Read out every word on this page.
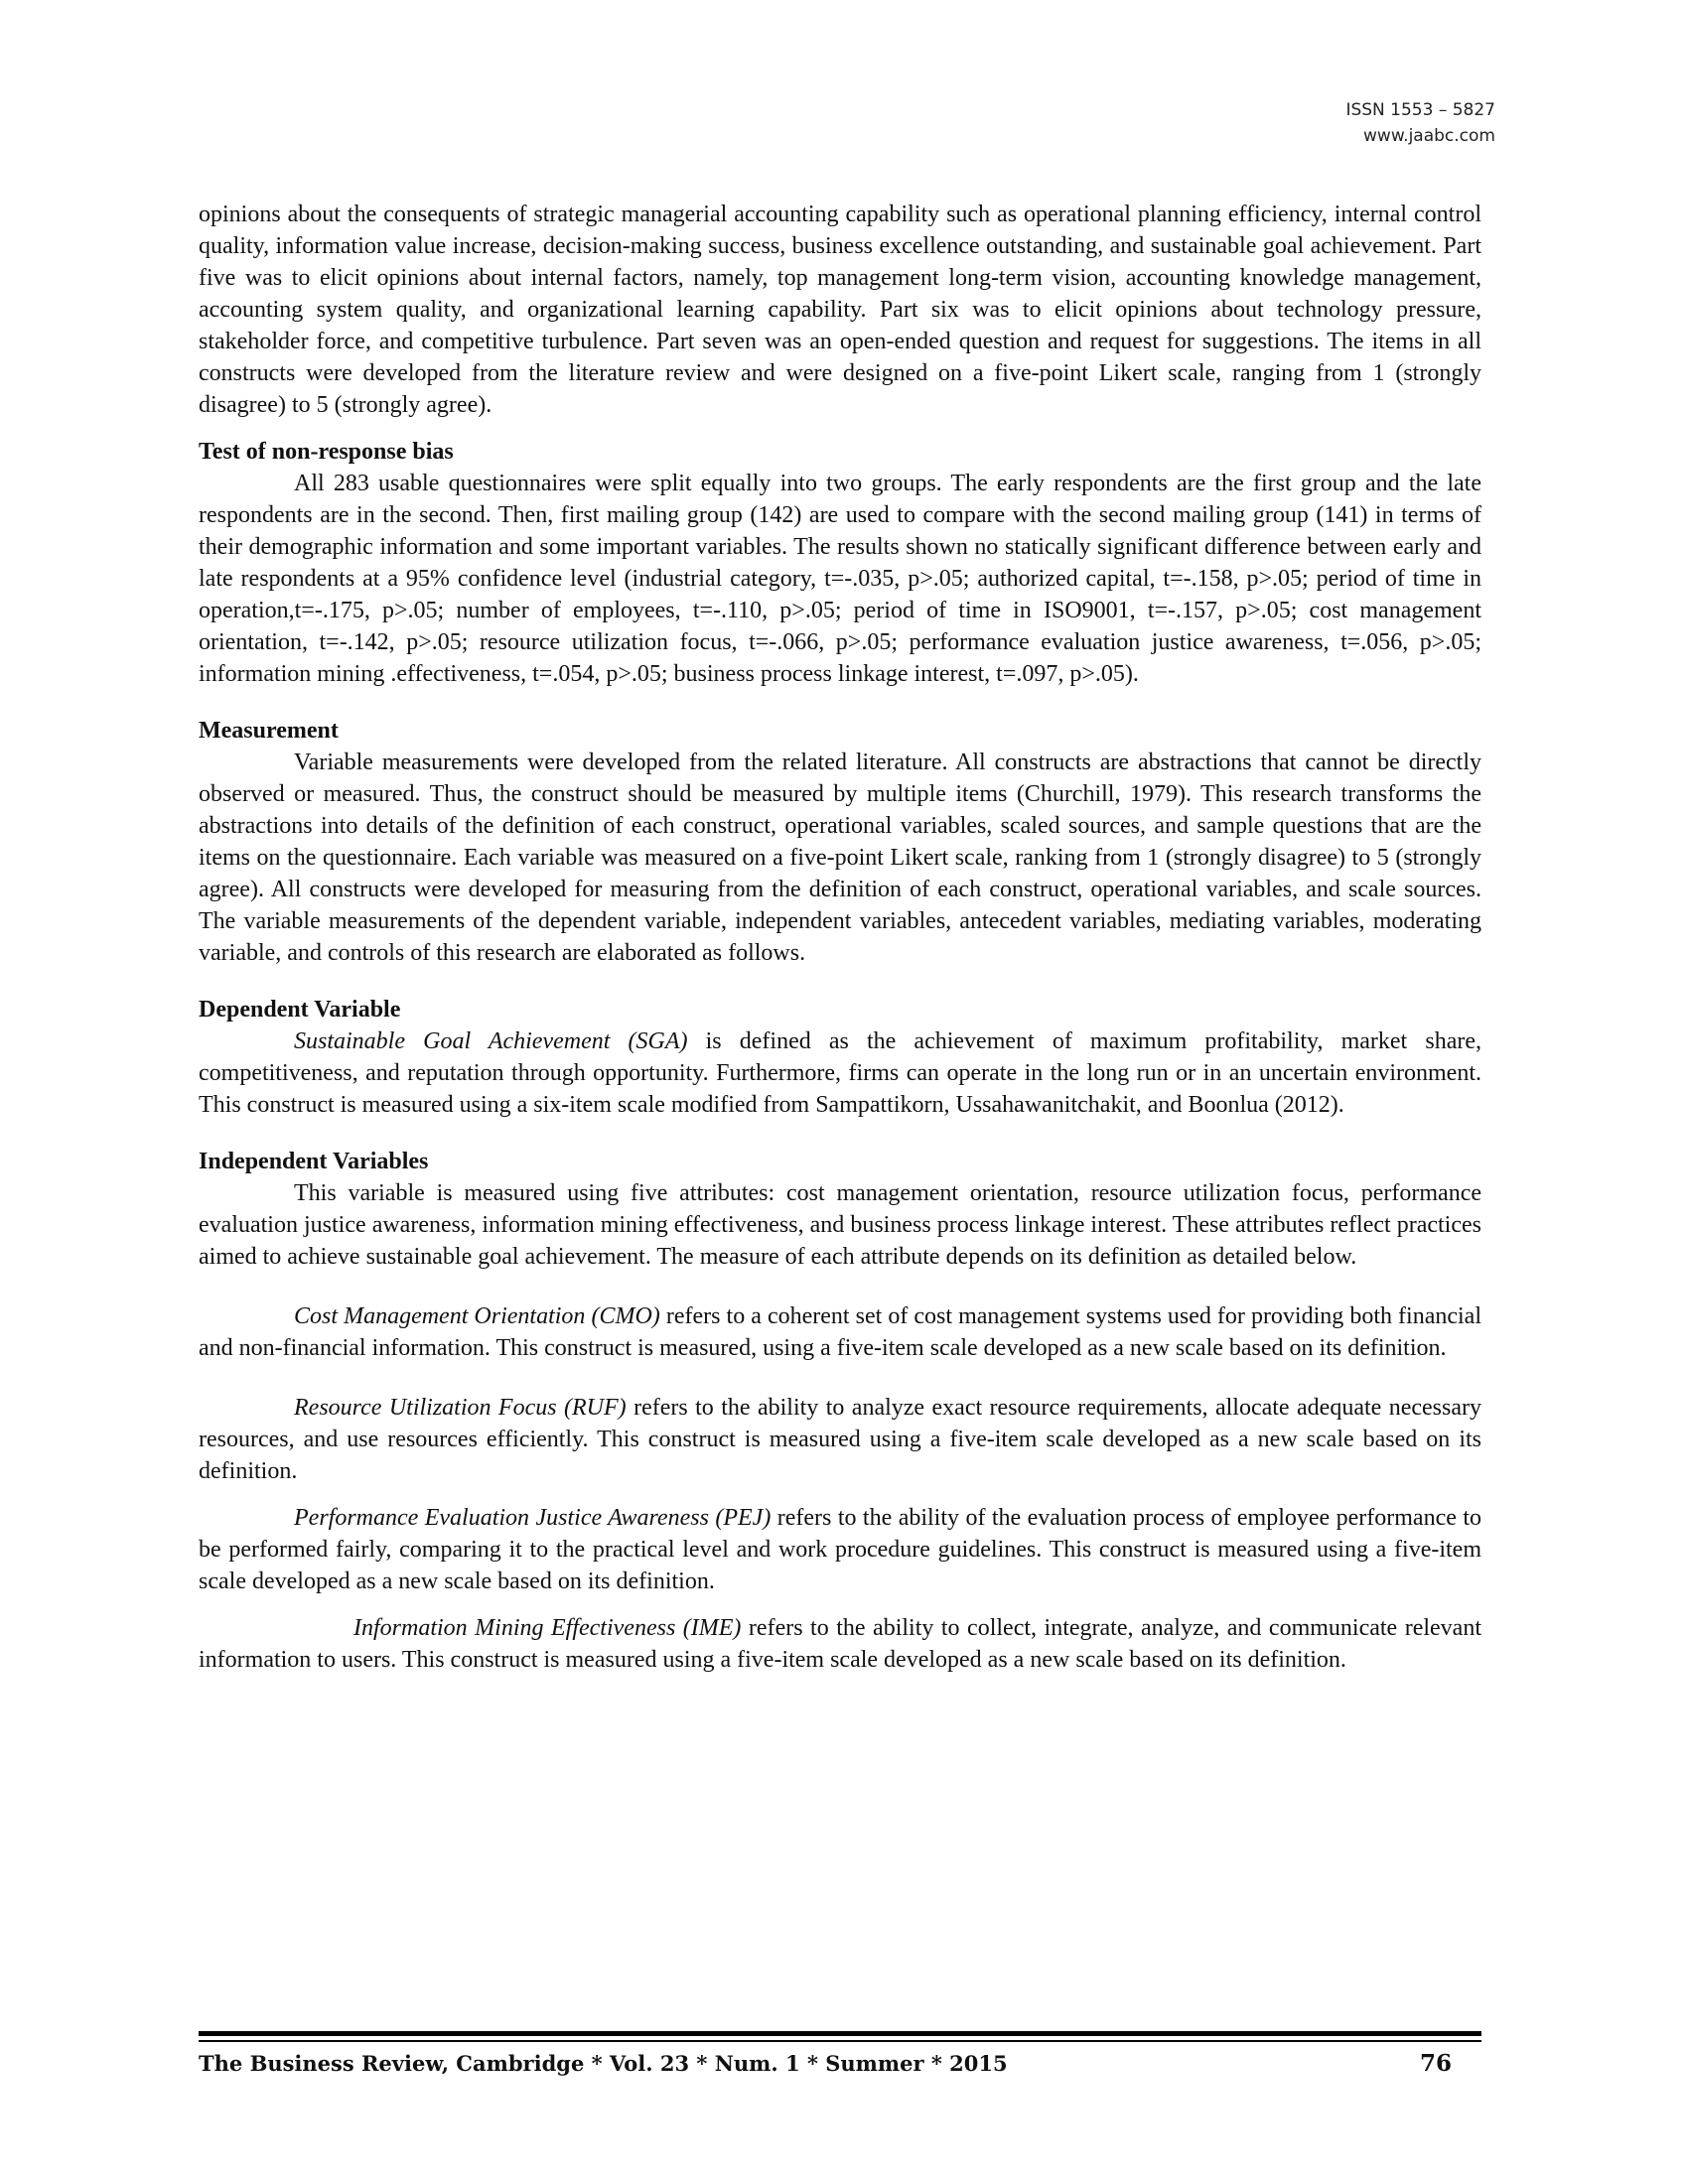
ISSN 1553 – 5827
www.jaabc.com

opinions about the consequents of strategic managerial accounting capability such as operational planning efficiency, internal control quality, information value increase, decision-making success, business excellence outstanding, and sustainable goal achievement. Part five was to elicit opinions about internal factors, namely, top management long-term vision, accounting knowledge management, accounting system quality, and organizational learning capability. Part six was to elicit opinions about technology pressure, stakeholder force, and competitive turbulence. Part seven was an open-ended question and request for suggestions. The items in all constructs were developed from the literature review and were designed on a five-point Likert scale, ranging from 1 (strongly disagree) to 5 (strongly agree).

Test of non-response bias

All 283 usable questionnaires were split equally into two groups. The early respondents are the first group and the late respondents are in the second. Then, first mailing group (142) are used to compare with the second mailing group (141) in terms of their demographic information and some important variables. The results shown no statically significant difference between early and late respondents at a 95% confidence level (industrial category, t=-.035, p>.05; authorized capital, t=-.158, p>.05; period of time in operation,t=-.175, p>.05; number of employees, t=-.110, p>.05; period of time in ISO9001, t=-.157, p>.05; cost management orientation, t=-.142, p>.05; resource utilization focus, t=-.066, p>.05; performance evaluation justice awareness, t=.056, p>.05; information mining .effectiveness, t=.054, p>.05; business process linkage interest, t=.097, p>.05).

Measurement

Variable measurements were developed from the related literature. All constructs are abstractions that cannot be directly observed or measured. Thus, the construct should be measured by multiple items (Churchill, 1979). This research transforms the abstractions into details of the definition of each construct, operational variables, scaled sources, and sample questions that are the items on the questionnaire. Each variable was measured on a five-point Likert scale, ranking from 1 (strongly disagree) to 5 (strongly agree). All constructs were developed for measuring from the definition of each construct, operational variables, and scale sources. The variable measurements of the dependent variable, independent variables, antecedent variables, mediating variables, moderating variable, and controls of this research are elaborated as follows.

Dependent Variable

Sustainable Goal Achievement (SGA) is defined as the achievement of maximum profitability, market share, competitiveness, and reputation through opportunity. Furthermore, firms can operate in the long run or in an uncertain environment. This construct is measured using a six-item scale modified from Sampattikorn, Ussahawanitchakit, and Boonlua (2012).

Independent Variables

This variable is measured using five attributes: cost management orientation, resource utilization focus, performance evaluation justice awareness, information mining effectiveness, and business process linkage interest. These attributes reflect practices aimed to achieve sustainable goal achievement. The measure of each attribute depends on its definition as detailed below.

Cost Management Orientation (CMO) refers to a coherent set of cost management systems used for providing both financial and non-financial information. This construct is measured, using a five-item scale developed as a new scale based on its definition.

Resource Utilization Focus (RUF) refers to the ability to analyze exact resource requirements, allocate adequate necessary resources, and use resources efficiently. This construct is measured using a five-item scale developed as a new scale based on its definition.

Performance Evaluation Justice Awareness (PEJ) refers to the ability of the evaluation process of employee performance to be performed fairly, comparing it to the practical level and work procedure guidelines. This construct is measured using a five-item scale developed as a new scale based on its definition.

Information Mining Effectiveness (IME) refers to the ability to collect, integrate, analyze, and communicate relevant information to users. This construct is measured using a five-item scale developed as a new scale based on its definition.

The Business Review, Cambridge * Vol. 23 * Num. 1 * Summer * 2015	76
